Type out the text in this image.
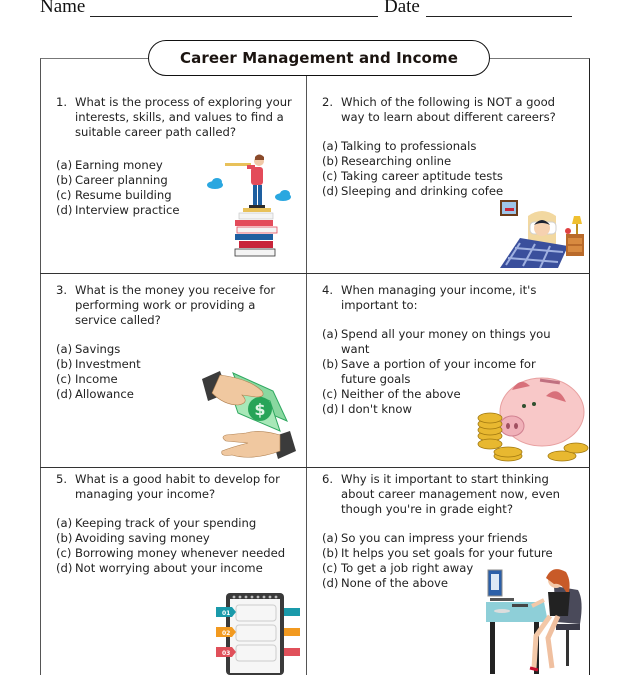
Name	Date
Career Management and Income
1. What is the process of exploring your interests, skills, and values to find a suitable career path called?
(a) Earning money
(b) Career planning
(c) Resume building
(d) Interview practice
2. Which of the following is NOT a good way to learn about different careers?
(a) Talking to professionals
(b) Researching online
(c) Taking career aptitude tests
(d) Sleeping and drinking cofee
3. What is the money you receive for performing work or providing a service called?
(a) Savings
(b) Investment
(c) Income
(d) Allowance
4. When managing your income, it's important to:
(a) Spend all your money on things you want
(b) Save a portion of your income for future goals
(c) Neither of the above
(d) I don't know
5. What is a good habit to develop for managing your income?
(a) Keeping track of your spending
(b) Avoiding saving money
(c) Borrowing money whenever needed
(d) Not worrying about your income
6. Why is it important to start thinking about career management now, even though you're in grade eight?
(a) So you can impress your friends
(b) It helps you set goals for your future
(c) To get a job right away
(d) None of the above
$
01
02
03
